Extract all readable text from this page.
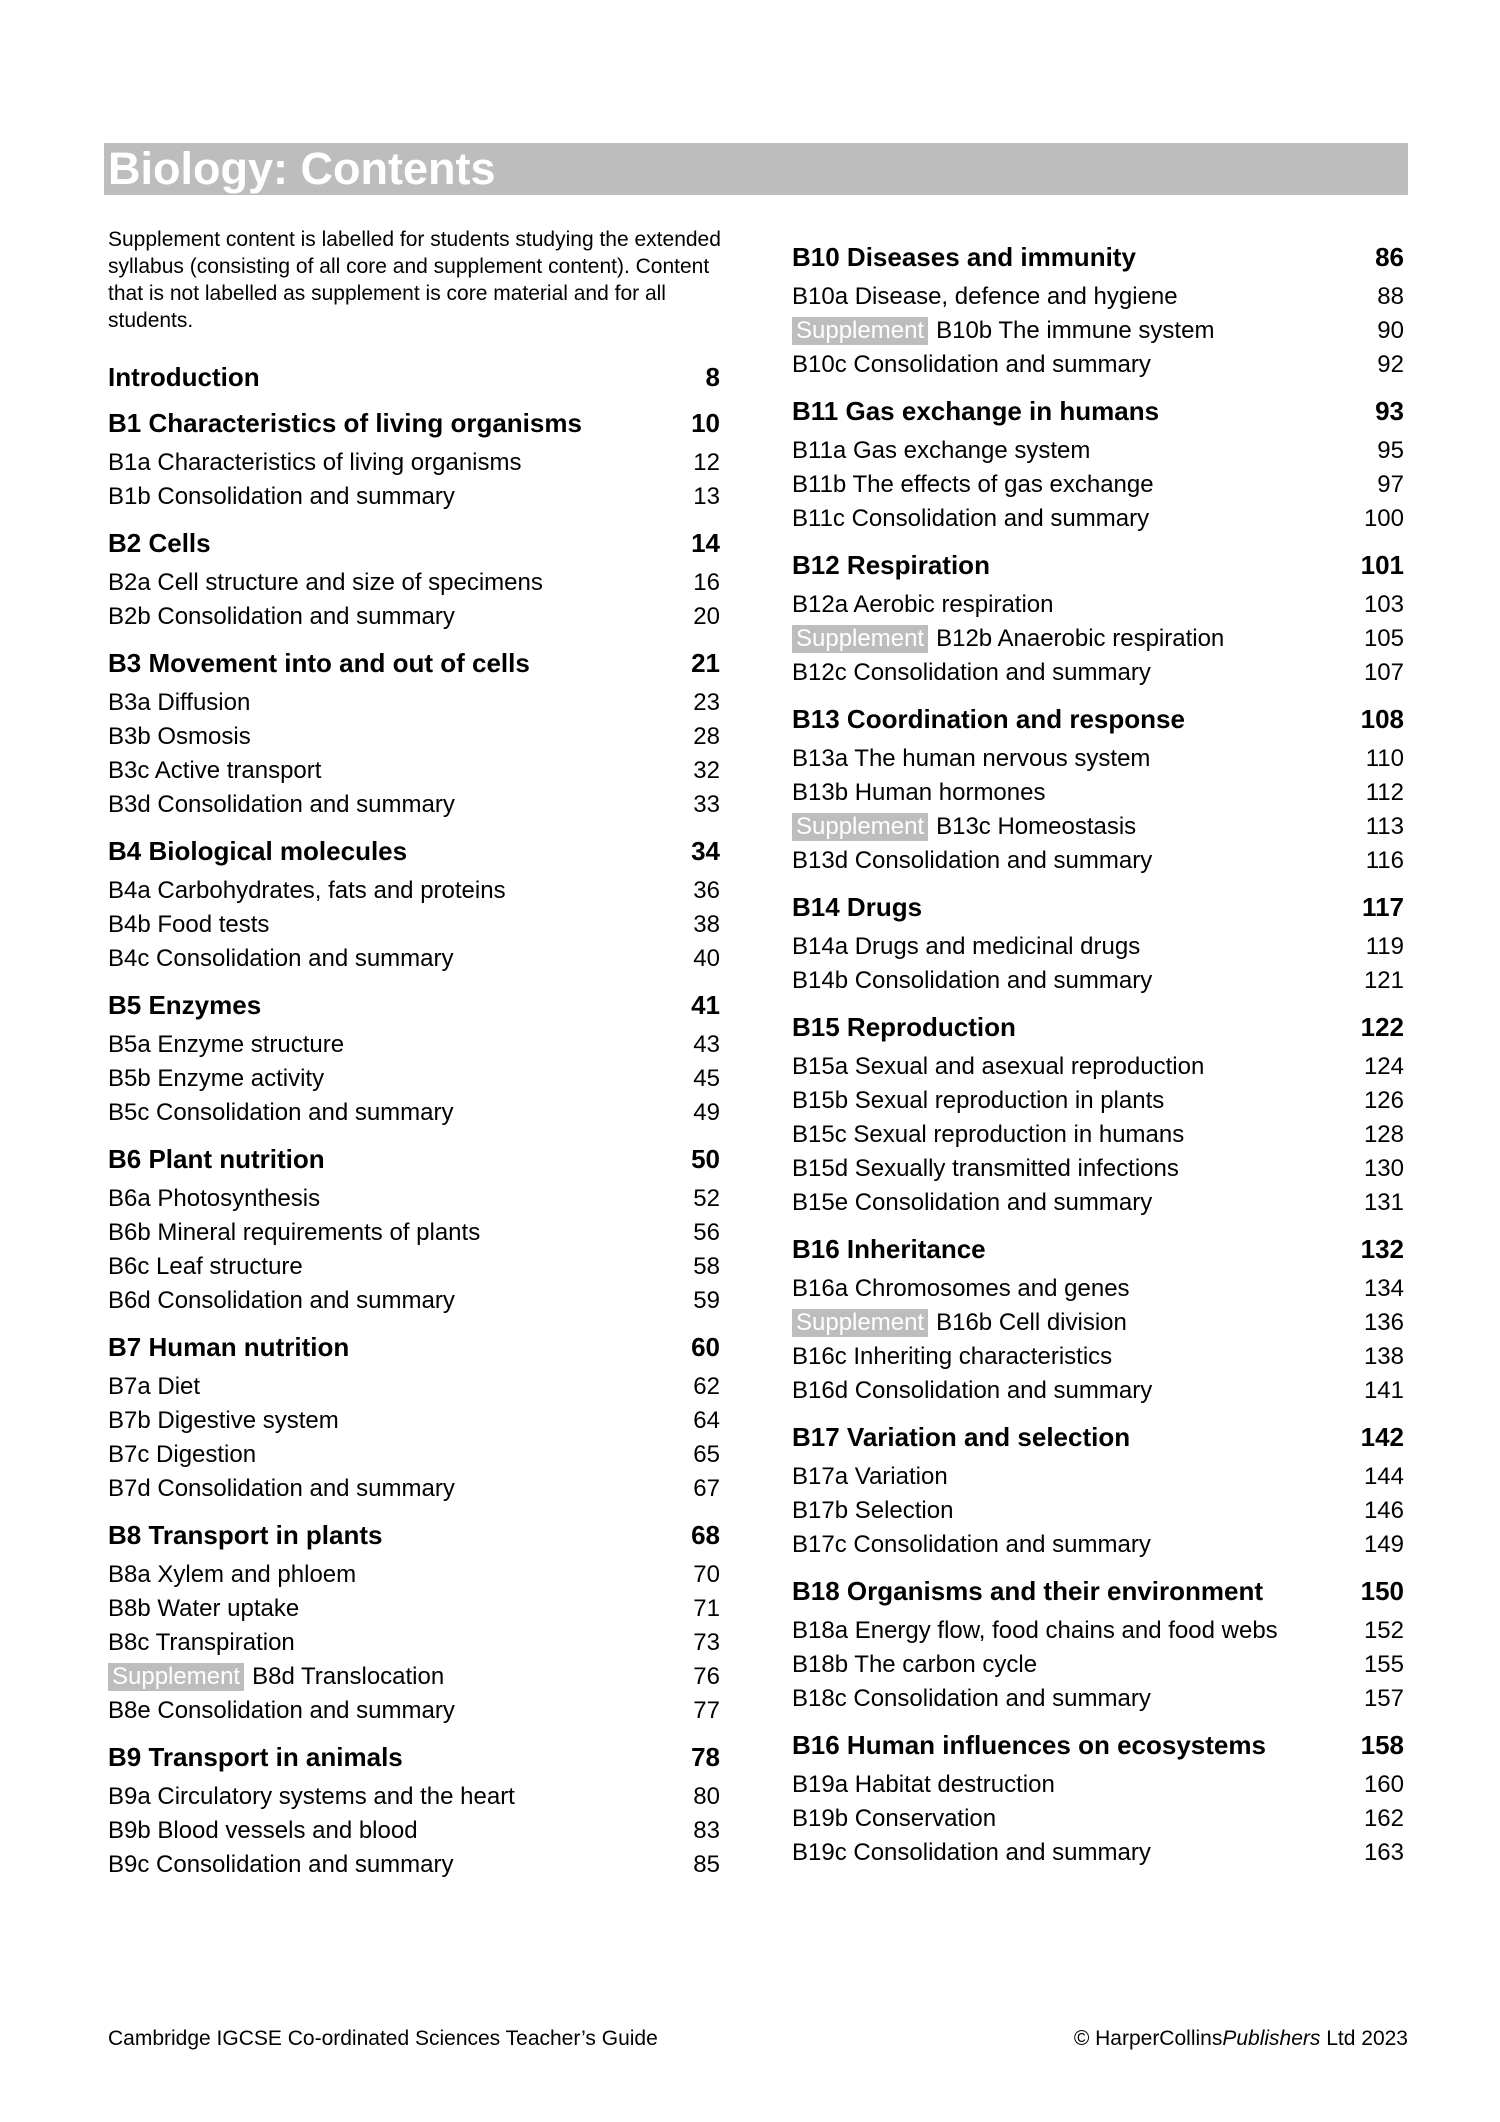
Biology: Contents
Supplement content is labelled for students studying the extended syllabus (consisting of all core and supplement content). Content that is not labelled as supplement is core material and for all students.
Introduction	8
B1 Characteristics of living organisms	10
B1a Characteristics of living organisms	12
B1b Consolidation and summary	13
B2 Cells	14
B2a Cell structure and size of specimens	16
B2b Consolidation and summary	20
B3 Movement into and out of cells	21
B3a Diffusion	23
B3b Osmosis	28
B3c Active transport	32
B3d Consolidation and summary	33
B4 Biological molecules	34
B4a Carbohydrates, fats and proteins	36
B4b Food tests	38
B4c Consolidation and summary	40
B5 Enzymes	41
B5a Enzyme structure	43
B5b Enzyme activity	45
B5c Consolidation and summary	49
B6 Plant nutrition	50
B6a Photosynthesis	52
B6b Mineral requirements of plants	56
B6c Leaf structure	58
B6d Consolidation and summary	59
B7 Human nutrition	60
B7a Diet	62
B7b Digestive system	64
B7c Digestion	65
B7d Consolidation and summary	67
B8 Transport in plants	68
B8a Xylem and phloem	70
B8b Water uptake	71
B8c Transpiration	73
Supplement B8d Translocation	76
B8e Consolidation and summary	77
B9 Transport in animals	78
B9a Circulatory systems and the heart	80
B9b Blood vessels and blood	83
B9c Consolidation and summary	85
B10 Diseases and immunity	86
B10a Disease, defence and hygiene	88
Supplement B10b The immune system	90
B10c Consolidation and summary	92
B11 Gas exchange in humans	93
B11a Gas exchange system	95
B11b The effects of gas exchange	97
B11c Consolidation and summary	100
B12 Respiration	101
B12a Aerobic respiration	103
Supplement B12b Anaerobic respiration	105
B12c Consolidation and summary	107
B13 Coordination and response	108
B13a The human nervous system	110
B13b Human hormones	112
Supplement B13c Homeostasis	113
B13d Consolidation and summary	116
B14 Drugs	117
B14a Drugs and medicinal drugs	119
B14b Consolidation and summary	121
B15 Reproduction	122
B15a Sexual and asexual reproduction	124
B15b Sexual reproduction in plants	126
B15c Sexual reproduction in humans	128
B15d Sexually transmitted infections	130
B15e Consolidation and summary	131
B16 Inheritance	132
B16a Chromosomes and genes	134
Supplement B16b Cell division	136
B16c Inheriting characteristics	138
B16d Consolidation and summary	141
B17 Variation and selection	142
B17a Variation	144
B17b Selection	146
B17c Consolidation and summary	149
B18 Organisms and their environment	150
B18a Energy flow, food chains and food webs	152
B18b The carbon cycle	155
B18c Consolidation and summary	157
B16 Human influences on ecosystems	158
B19a Habitat destruction	160
B19b Conservation	162
B19c Consolidation and summary	163
Cambridge IGCSE Co-ordinated Sciences Teacher’s Guide	© HarperCollinsPublishers Ltd 2023
